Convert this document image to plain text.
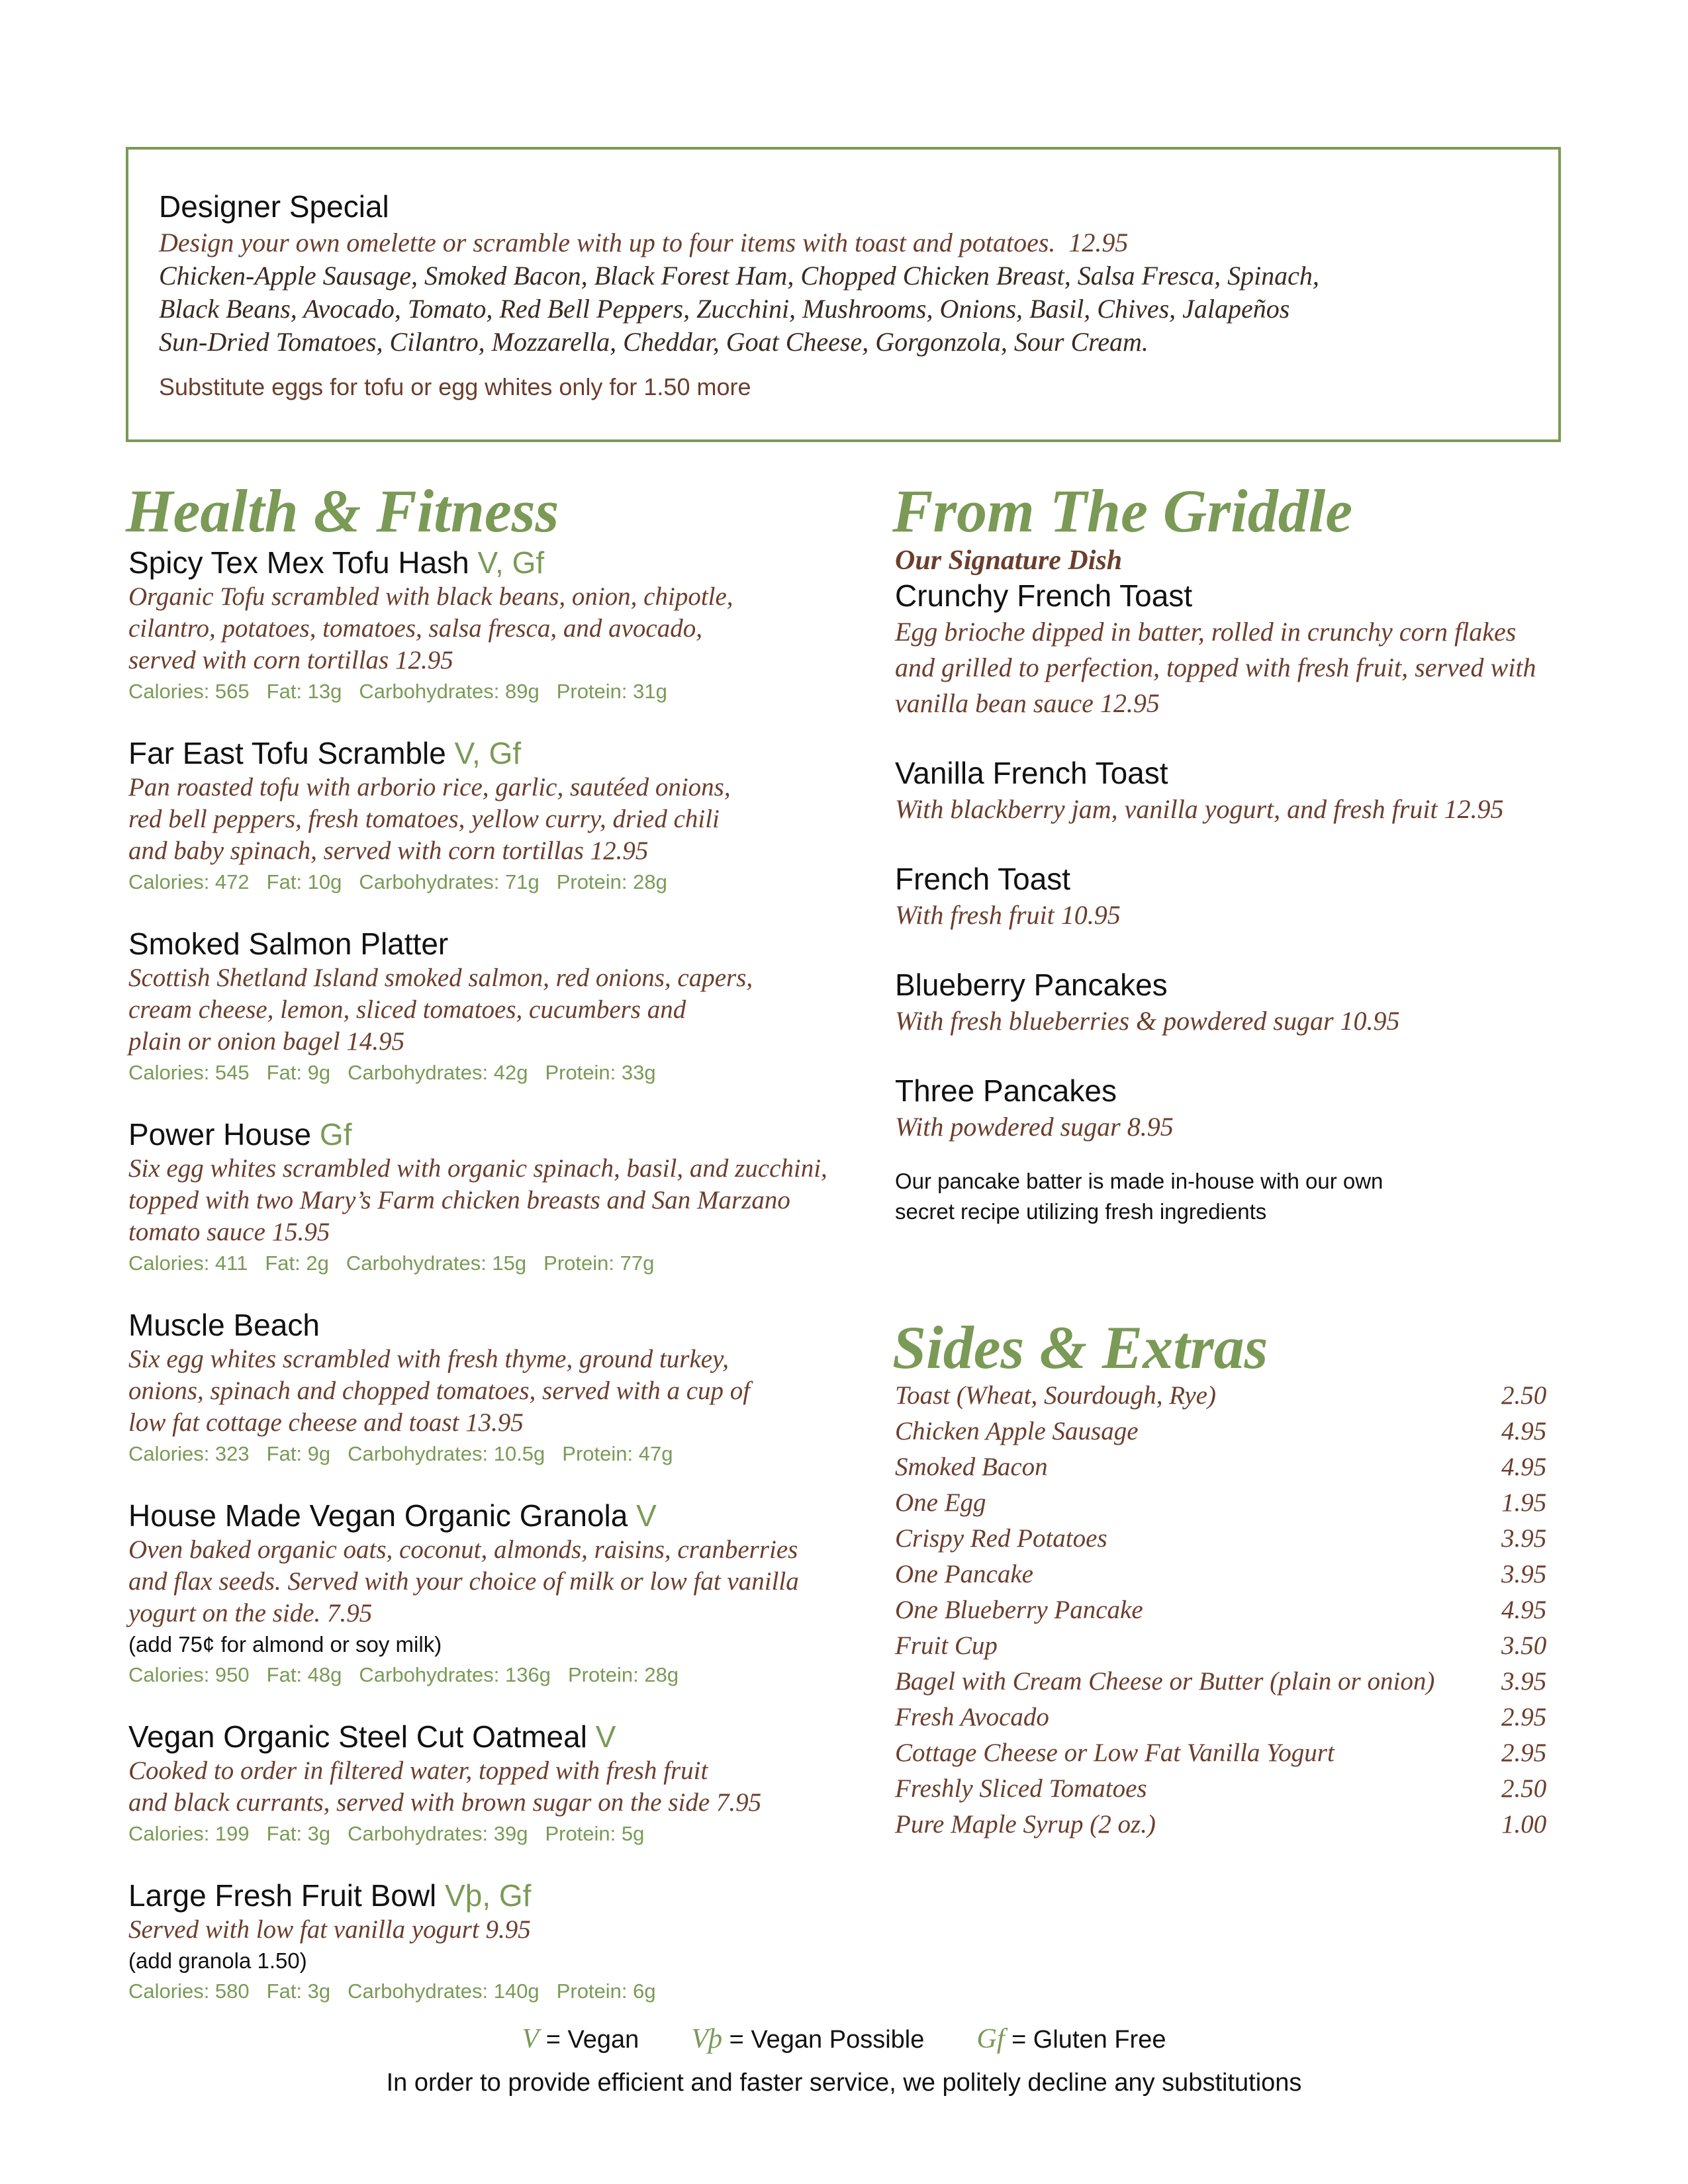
Designer Special
Design your own omelette or scramble with up to four items with toast and potatoes. 12.95
Chicken-Apple Sausage, Smoked Bacon, Black Forest Ham, Chopped Chicken Breast, Salsa Fresca, Spinach,
Black Beans, Avocado, Tomato, Red Bell Peppers, Zucchini, Mushrooms, Onions, Basil, Chives, Jalapeños
Sun-Dried Tomatoes, Cilantro, Mozzarella, Cheddar, Goat Cheese, Gorgonzola, Sour Cream.
Substitute eggs for tofu or egg whites only for 1.50 more
Health & Fitness	From The Griddle
Sides & Extras
Spicy Tex Mex Tofu Hash V, Gf
Organic Tofu scrambled with black beans, onion, chipotle,
cilantro, potatoes, tomatoes, salsa fresca, and avocado,
served with corn tortillas 12.95
Calories: 565 Fat: 13g Carbohydrates: 89g Protein: 31g
Far East Tofu Scramble V, Gf
Pan roasted tofu with arborio rice, garlic, sautéed onions,
red bell peppers, fresh tomatoes, yellow curry, dried chili
and baby spinach, served with corn tortillas 12.95
Calories: 472 Fat: 10g Carbohydrates: 71g Protein: 28g
Smoked Salmon Platter
Scottish Shetland Island smoked salmon, red onions, capers,
cream cheese, lemon, sliced tomatoes, cucumbers and
plain or onion bagel 14.95
Calories: 545 Fat: 9g Carbohydrates: 42g Protein: 33g
Power House Gf
Six egg whites scrambled with organic spinach, basil, and zucchini,
topped with two Mary’s Farm chicken breasts and San Marzano
tomato sauce 15.95
Calories: 411 Fat: 2g Carbohydrates: 15g Protein: 77g
Muscle Beach
Six egg whites scrambled with fresh thyme, ground turkey,
onions, spinach and chopped tomatoes, served with a cup of
low fat cottage cheese and toast 13.95
Calories: 323 Fat: 9g Carbohydrates: 10.5g Protein: 47g
House Made Vegan Organic Granola V
Oven baked organic oats, coconut, almonds, raisins, cranberries
and flax seeds. Served with your choice of milk or low fat vanilla
yogurt on the side. 7.95
(add 75¢ for almond or soy milk)
Calories: 950 Fat: 48g Carbohydrates: 136g Protein: 28g
Vegan Organic Steel Cut Oatmeal V
Cooked to order in filtered water, topped with fresh fruit
and black currants, served with brown sugar on the side 7.95
Calories: 199 Fat: 3g Carbohydrates: 39g Protein: 5g
Large Fresh Fruit Bowl Vþ, Gf
Served with low fat vanilla yogurt 9.95
(add granola 1.50)
Calories: 580 Fat: 3g Carbohydrates: 140g Protein: 6g
Our Signature Dish
Crunchy French Toast
Egg brioche dipped in batter, rolled in crunchy corn flakes
and grilled to perfection, topped with fresh fruit, served with
vanilla bean sauce 12.95
Vanilla French Toast
With blackberry jam, vanilla yogurt, and fresh fruit 12.95
French Toast
With fresh fruit 10.95
Blueberry Pancakes
With fresh blueberries & powdered sugar 10.95
Three Pancakes
With powdered sugar 8.95
Our pancake batter is made in-house with our own
secret recipe utilizing fresh ingredients
Toast (Wheat, Sourdough, Rye)	2.50
Chicken Apple Sausage	4.95
Smoked Bacon	4.95
One Egg	1.95
Crispy Red Potatoes	3.95
One Pancake	3.95
One Blueberry Pancake	4.95
Fruit Cup	3.50
Bagel with Cream Cheese or Butter (plain or onion)	3.95
Fresh Avocado	2.95
Cottage Cheese or Low Fat Vanilla Yogurt	2.95
Freshly Sliced Tomatoes	2.50
Pure Maple Syrup (2 oz.)	1.00
V = Vegan Vþ = Vegan Possible Gf = Gluten Free
In order to provide efficient and faster service, we politely decline any substitutions
